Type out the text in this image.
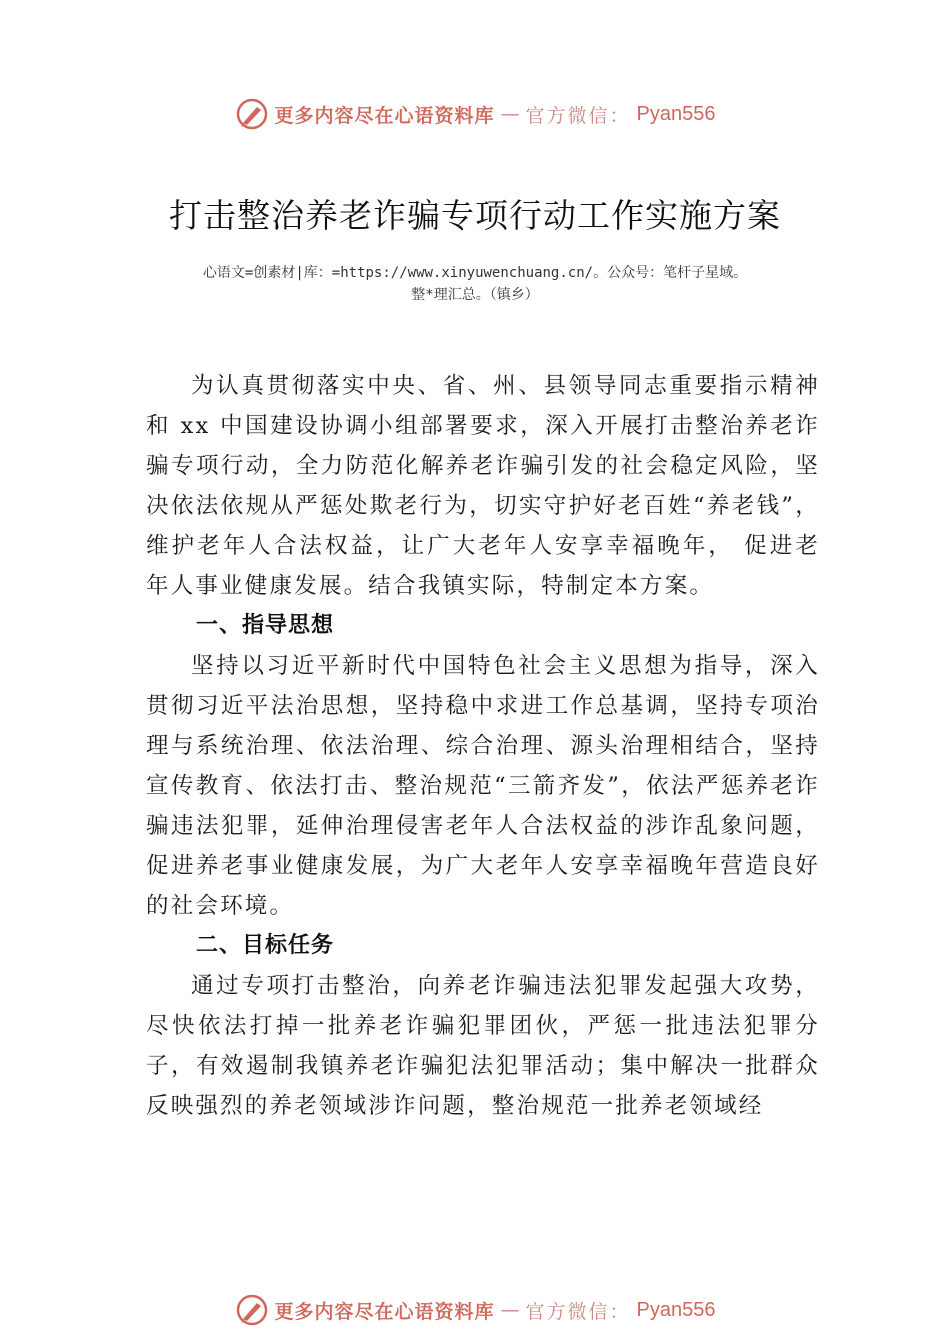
更多内容尽在心语资料库 — 官方微信： Pyan556
打击整治养老诈骗专项行动工作实施方案
心语文=创素材|库：=https://www.xinyuwenchuang.cn/。公众号：笔杆子星域。
整*理汇总。（镇乡）

为认真贯彻落实中央、省、州、县领导同志重要指示精神和 xx 中国建设协调小组部署要求，深入开展打击整治养老诈骗专项行动，全力防范化解养老诈骗引发的社会稳定风险，坚决依法依规从严惩处欺老行为，切实守护好老百姓“养老钱”，维护老年人合法权益，让广大老年人安享幸福晚年， 促进老年人事业健康发展。结合我镇实际，特制定本方案。

一、指导思想

坚持以习近平新时代中国特色社会主义思想为指导，深入贯彻习近平法治思想，坚持稳中求进工作总基调，坚持专项治理与系统治理、依法治理、综合治理、源头治理相结合，坚持宣传教育、依法打击、整治规范“三箭齐发”，依法严惩养老诈骗违法犯罪，延伸治理侵害老年人合法权益的涉诈乱象问题，促进养老事业健康发展，为广大老年人安享幸福晚年营造良好的社会环境。

二、目标任务

通过专项打击整治，向养老诈骗违法犯罪发起强大攻势，尽快依法打掉一批养老诈骗犯罪团伙，严惩一批违法犯罪分子，有效遏制我镇养老诈骗犯法犯罪活动；集中解决一批群众反映强烈的养老领域涉诈问题，整治规范一批养老领域经

更多内容尽在心语资料库 — 官方微信： Pyan556
